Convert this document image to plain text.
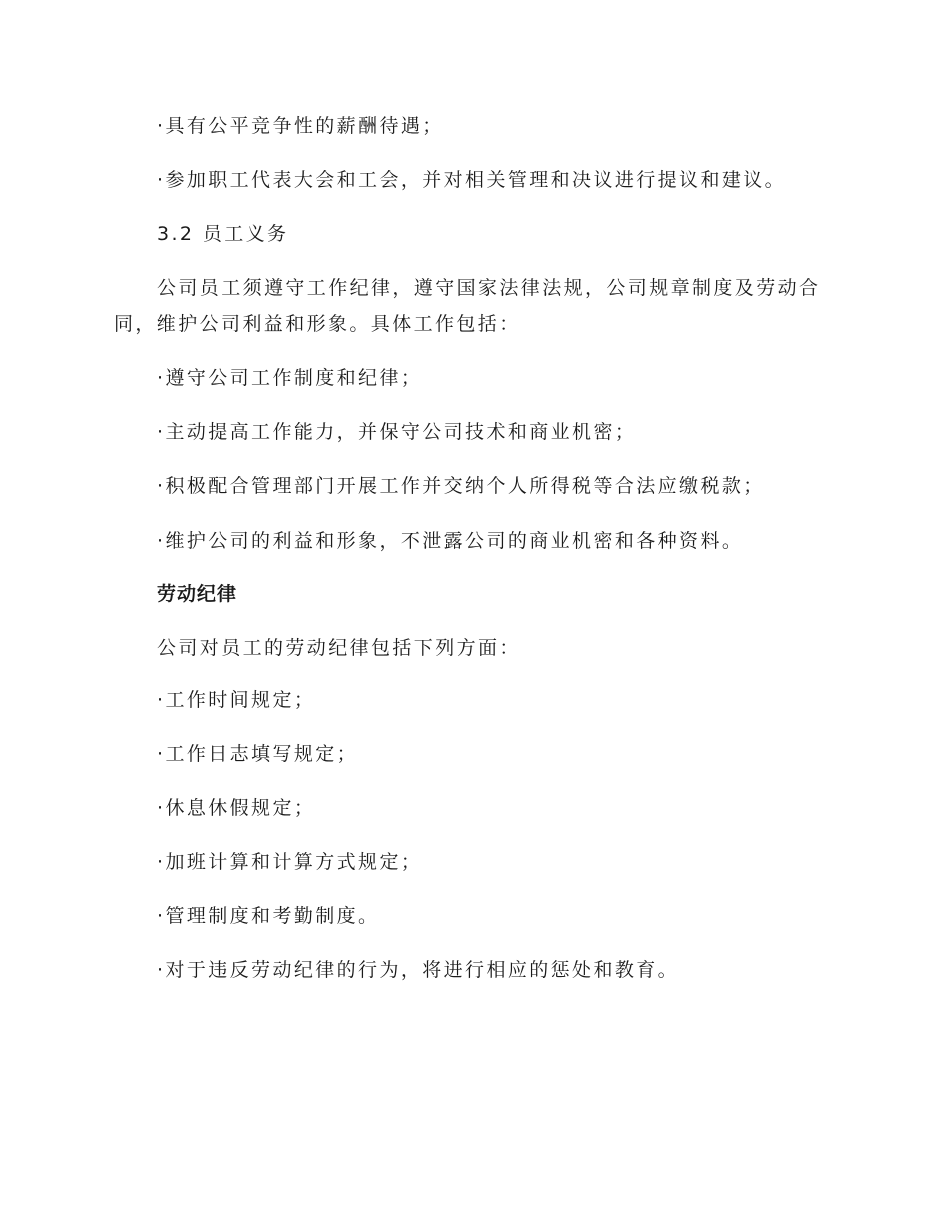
·具有公平竞争性的薪酬待遇；
·参加职工代表大会和工会，并对相关管理和决议进行提议和建议。
3.2 员工义务
公司员工须遵守工作纪律，遵守国家法律法规，公司规章制度及劳动合
同，维护公司利益和形象。具体工作包括：
·遵守公司工作制度和纪律；
·主动提高工作能力，并保守公司技术和商业机密；
·积极配合管理部门开展工作并交纳个人所得税等合法应缴税款；
·维护公司的利益和形象，不泄露公司的商业机密和各种资料。
劳动纪律
公司对员工的劳动纪律包括下列方面：
·工作时间规定；
·工作日志填写规定；
·休息休假规定；
·加班计算和计算方式规定；
·管理制度和考勤制度。
·对于违反劳动纪律的行为，将进行相应的惩处和教育。
